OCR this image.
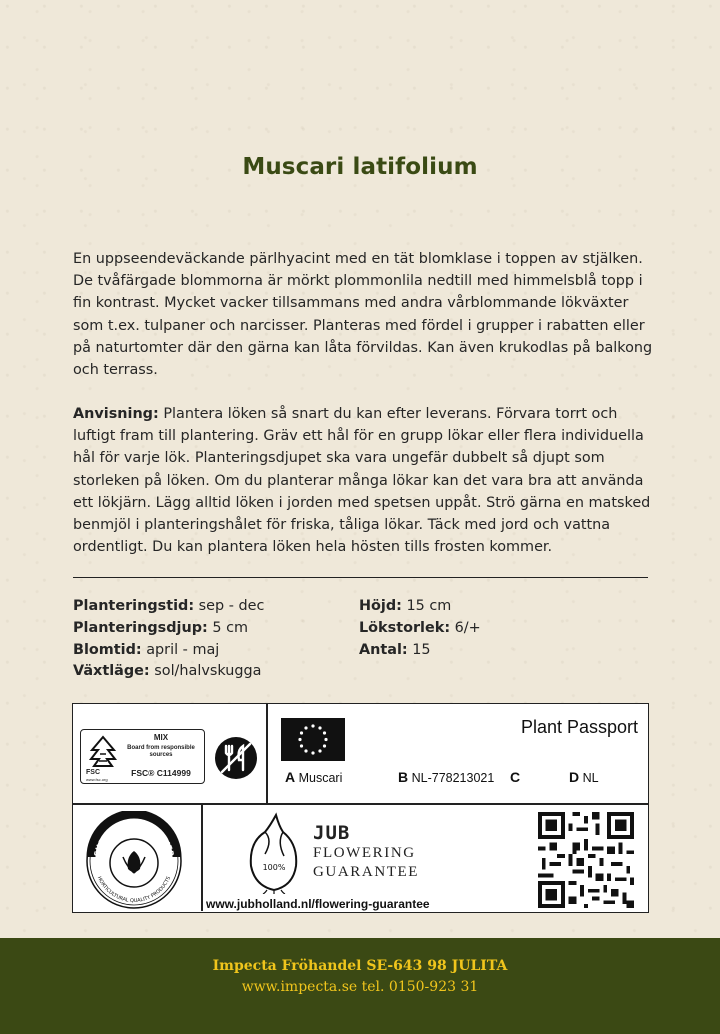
Muscari latifolium
En uppseendeväckande pärlhyacint med en tät blomklase i toppen av stjälken. De tvåfärgade blommorna är mörkt plommonlila nedtill med himmelsblå topp i fin kontrast. Mycket vacker tillsammans med andra vårblommande lökväxter som t.ex. tulpaner och narcisser. Planteras med fördel i grupper i rabatten eller på naturtomter där den gärna kan låta förvildas. Kan även krukodlas på balkong och terrass.
Anvisning: Plantera löken så snart du kan efter leverans. Förvara torrt och luftigt fram till plantering. Gräv ett hål för en grupp lökar eller flera individuella hål för varje lök. Planteringsdjupet ska vara ungefär dubbelt så djupt som storleken på löken. Om du planterar många lökar kan det vara bra att använda ett lökjärn. Lägg alltid löken i jorden med spetsen uppåt. Strö gärna en matsked benmjöl i planteringshålet för friska, tåliga lökar. Täck med jord och vattna ordentligt. Du kan plantera löken hela hösten tills frosten kommer.
Planteringstid: sep - dec
Planteringsdjup: 5 cm
Blomtid: april - maj
Växtläge: sol/halvskugga
Höjd: 15 cm
Lökstorlek: 6/+
Antal: 15
MIX
Board from responsible sources
FSC® C114999
FSC
www.fsc.org
Plant Passport
A Muscari	B NL-778213021 C	D NL
SUSTAINABLE SUPPLIER
HORTICULTURAL QUALITY PRODUCTS
100%
JUB
FLOWERING
GUARANTEE
www.jubholland.nl/flowering-guarantee
Impecta Fröhandel SE-643 98 JULITA
www.impecta.se tel. 0150-923 31
